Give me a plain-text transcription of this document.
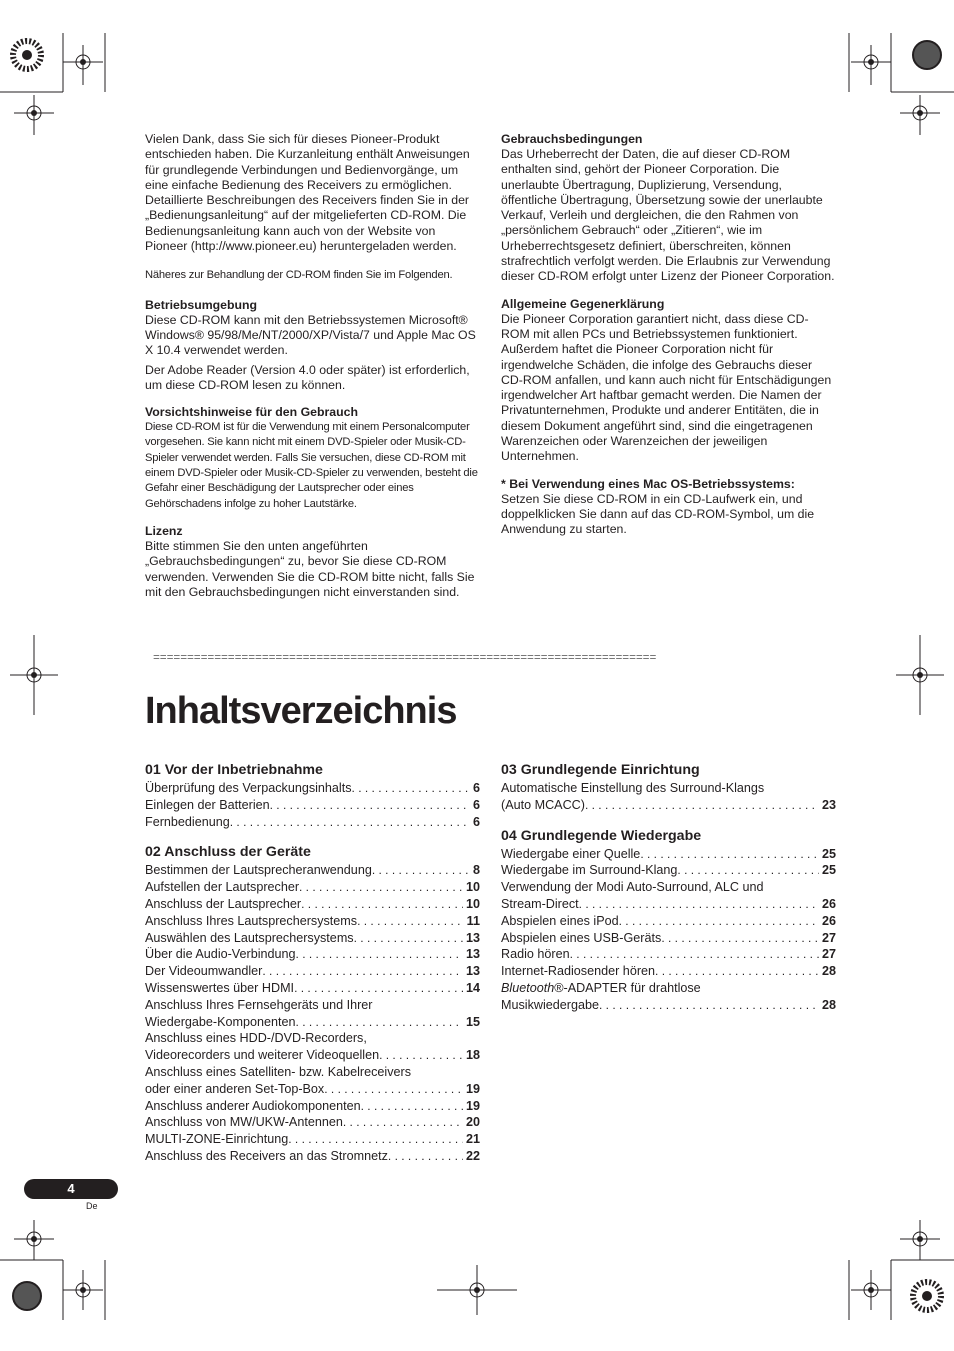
Vielen Dank, dass Sie sich für dieses Pioneer-Produkt entschieden haben. Die Kurzanleitung enthält Anweisungen für grundlegende Verbindungen und Bedienvorgänge, um eine einfache Bedienung des Receivers zu ermöglichen. Detaillierte Beschreibungen des Receivers finden Sie in der „Bedienungsanleitung“ auf der mitgelieferten CD-ROM. Die Bedienungsanleitung kann auch von der Website von Pioneer (http://www.pioneer.eu) heruntergeladen werden.

Näheres zur Behandlung der CD-ROM finden Sie im Folgenden.

Betriebsumgebung

Diese CD-ROM kann mit den Betriebssystemen Microsoft® Windows® 95/98/Me/NT/2000/XP/Vista/7 und Apple Mac OS X 10.4 verwendet werden.

Der Adobe Reader (Version 4.0 oder später) ist erforderlich, um diese CD-ROM lesen zu können.

Vorsichtshinweise für den Gebrauch

Diese CD-ROM ist für die Verwendung mit einem Personalcomputer vorgesehen. Sie kann nicht mit einem DVD-Spieler oder Musik-CD-Spieler verwendet werden. Falls Sie versuchen, diese CD-ROM mit einem DVD-Spieler oder Musik-CD-Spieler zu verwenden, besteht die Gefahr einer Beschädigung der Lautsprecher oder eines Gehörschadens infolge zu hoher Lautstärke.

Lizenz

Bitte stimmen Sie den unten angeführten „Gebrauchsbedingungen“ zu, bevor Sie diese CD-ROM verwenden. Verwenden Sie die CD-ROM bitte nicht, falls Sie mit den Gebrauchsbedingungen nicht einverstanden sind.

Gebrauchsbedingungen

Das Urheberrecht der Daten, die auf dieser CD-ROM enthalten sind, gehört der Pioneer Corporation. Die unerlaubte Übertragung, Duplizierung, Versendung, öffentliche Übertragung, Übersetzung sowie der unerlaubte Verkauf, Verleih und dergleichen, die den Rahmen von „persönlichem Gebrauch“ oder „Zitieren“, wie im Urheberrechtsgesetz definiert, überschreiten, können strafrechtlich verfolgt werden. Die Erlaubnis zur Verwendung dieser CD-ROM erfolgt unter Lizenz der Pioneer Corporation.

Allgemeine Gegenerklärung

Die Pioneer Corporation garantiert nicht, dass diese CD-ROM mit allen PCs und Betriebssystemen funktioniert. Außerdem haftet die Pioneer Corporation nicht für irgendwelche Schäden, die infolge des Gebrauchs dieser CD-ROM anfallen, und kann auch nicht für Entschädigungen irgendwelcher Art haftbar gemacht werden. Die Namen der Privatunternehmen, Produkte und anderer Entitäten, die in diesem Dokument angeführt sind, sind die eingetragenen Warenzeichen oder Warenzeichen der jeweiligen Unternehmen.

* Bei Verwendung eines Mac OS-Betriebssystems:

Setzen Sie diese CD-ROM in ein CD-Laufwerk ein, und doppelklicken Sie dann auf das CD-ROM-Symbol, um die Anwendung zu starten.

==========================================================================
Inhaltsverzeichnis

01 Vor der Inbetriebnahme

Überprüfung des Verpackungsinhalts . . .	6
Einlegen der Batterien . . .	6
Fernbedienung . . .	6

02 Anschluss der Geräte

Bestimmen der Lautsprecheranwendung . . .	8
Aufstellen der Lautsprecher . . .	10
Anschluss der Lautsprecher . . .	10
Anschluss Ihres Lautsprechersystems . . .	11
Auswählen des Lautsprechersystems . . .	13
Über die Audio-Verbindung . . .	13
Der Videoumwandler . . .	13
Wissenswertes über HDMI . . .	14
Anschluss Ihres Fernsehgeräts und Ihrer
Wiedergabe-Komponenten . . .	15
Anschluss eines HDD-/DVD-Recorders,
Videorecorders und weiterer Videoquellen . . .	18
Anschluss eines Satelliten- bzw. Kabelreceivers
oder einer anderen Set-Top-Box . . .	19
Anschluss anderer Audiokomponenten . . .	19
Anschluss von MW/UKW-Antennen . . .	20
MULTI-ZONE-Einrichtung . . .	21
Anschluss des Receivers an das Stromnetz . . .	22

03 Grundlegende Einrichtung

Automatische Einstellung des Surround-Klangs
(Auto MCACC) . . .	23

04 Grundlegende Wiedergabe

Wiedergabe einer Quelle . . .	25
Wiedergabe im Surround-Klang . . .	25
Verwendung der Modi Auto-Surround, ALC und
Stream-Direct . . .	26
Abspielen eines iPod . . .	26
Abspielen eines USB-Geräts . . .	27
Radio hören . . .	27
Internet-Radiosender hören . . .	28
Bluetooth®-ADAPTER für drahtlose
Musikwiedergabe . . .	28
4
De
